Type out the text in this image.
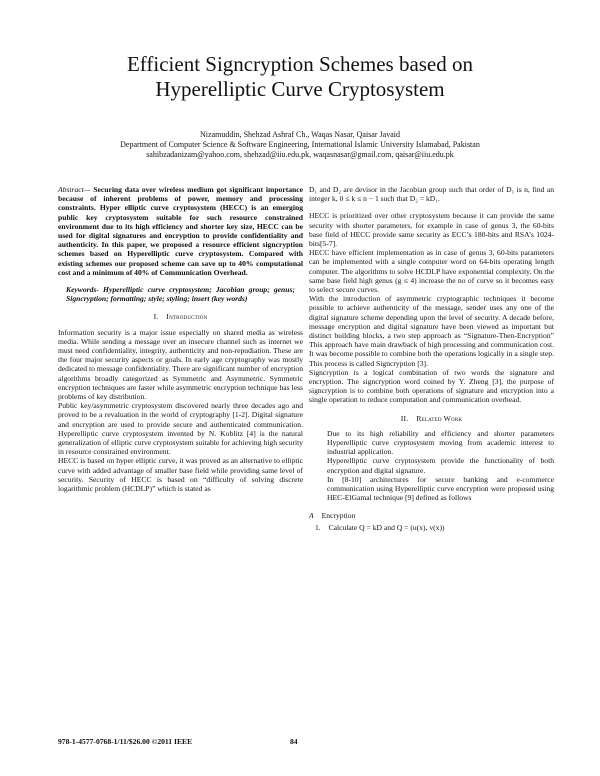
Efficient Signcryption Schemes based on
Hyperelliptic Curve Cryptosystem
Nizamuddin, Shehzad Ashraf Ch., Waqas Nasar, Qaisar Javaid
Department of Computer Science & Software Engineering, International Islamic University Islamabad, Pakistan
sahibzadanizam@yahoo.com, shehzad@iiu.edu.pk, waqasnasar@gmail.com, qaisar@iiu.edu.pk

Abstract— Securing data over wireless medium got significant importance because of inherent problems of power, memory and processing constraints. Hyper elliptic curve cryptosystem (HECC) is an emerging public key cryptosystem suitable for such resource constrained environment due to its high efficiency and shorter key size, HECC can be used for digital signatures and encryption to provide confidentiality and authenticity. In this paper, we proposed a resource efficient signcryption schemes based on Hyperelliptic curve cryptosystem. Compared with existing schemes our proposed scheme can save up to 40% computational cost and a minimum of 40% of Communication Overhead.

Keywords- Hyperelliptic curve cryptosystem; Jacobian group; genus; Signcryption; formatting; style; styling; insert (key words)

I. Introduction

Information security is a major issue especially on shared media as wireless media. While sending a message over an insecure channel such as internet we must need confidentiality, integrity, authenticity and non-repudiation. These are the four major security aspects or goals. In early age cryptography was mostly dedicated to message confidentiality. There are significant number of encryption algorithms broadly categorized as Symmetric and Asymmetric. Symmetric encryption techniques are faster while asymmetric encryption technique has less problems of key distribution.

Public key/asymmetric cryptosystem discovered nearly three decades ago and proved to be a revaluation in the world of cryptography [1-2]. Digital signature and encryption are used to provide secure and authenticated communication. Hyperelliptic curve cryptosystem invented by N. Koblitz [4] is the natural generalization of elliptic curve cryptosystem suitable for achieving high security in resource constrained environment.

HECC is based on hyper elliptic curve, it was proved as an alternative to elliptic curve with added advantage of smaller base field while providing same level of security. Security of HECC is based on “difficulty of solving discrete logarithmic problem (HCDLP)” which is stated as

D₁ and D₂ are devisor in the Jacobian group such that order of D₁ is n, find an integer k, 0 ≤ k ≤ n − 1 such that D₂ = kD₁.

HECC is prioritized over other cryptosystem because it can provide the same security with shorter parameters, for example in case of genus 3, the 60-bits base field of HECC provide same security as ECC’s 180-bits and RSA’s 1024-bits[5-7].

HECC have efficient implementation as in case of genus 3, 60-bits parameters can be implemented with a single computer word on 64-bits operating length computer. The algorithms to solve HCDLP have exponential complexity. On the same base field high genus (g ≤ 4) increase the no of curve so it becomes easy to select secure curves.

With the introduction of asymmetric cryptographic techniques it become possible to achieve authenticity of the message, sender uses any one of the digital signature scheme depending upon the level of security. A decade before, message encryption and digital signature have been viewed as important but distinct building blocks, a two step approach as “Signature-Then-Encryption” This approach have main drawback of high processing and communication cost. It was become possible to combine both the operations logically in a single step. This process is called Signcryption [3].

Signcryption is a logical combination of two words the signature and encryption. The signcryption word coined by Y. Zheng [3], the purpose of signcryption is to combine both operations of signature and encryption into a single operation to reduce computation and communication overhead.

II. Related Work

Due to its high reliability and efficiency and shorter parameters Hyperelliptic curve cryptosystem moving from academic interest to industrial application.

Hyperelliptic curve cryptosystem provide the functionality of both encryption and digital signature.

In [8-10] architectures for secure banking and e-commerce communication using Hyperelliptic curve encryption were proposed using HEC-ElGamal technique [9] defined as follows

A Encryption
1. Calculate Q = kD and Q = (u(x), v(x))
978-1-4577-0768-1/11/$26.00 ©2011 IEEE	84
